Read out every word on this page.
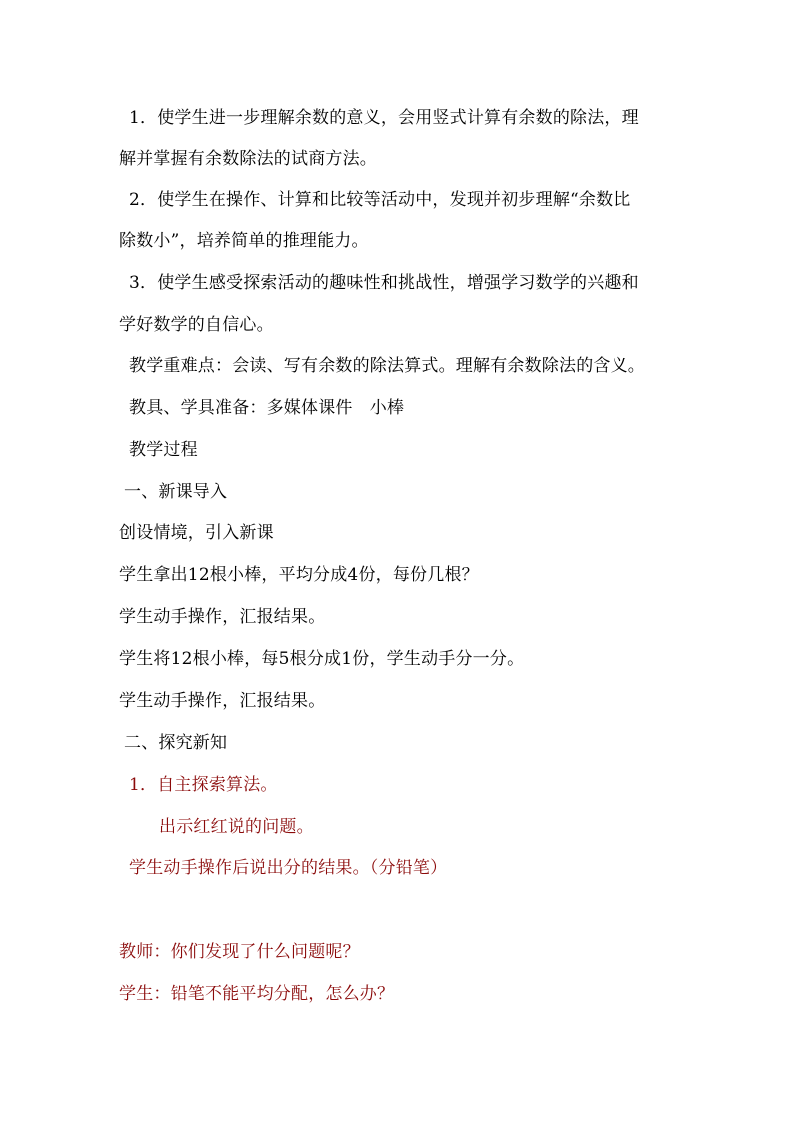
1．使学生进一步理解余数的意义，会用竖式计算有余数的除法，理
解并掌握有余数除法的试商方法。
2．使学生在操作、计算和比较等活动中，发现并初步理解“余数比
除数小”，培养简单的推理能力。
3．使学生感受探索活动的趣味性和挑战性，增强学习数学的兴趣和
学好数学的自信心。
教学重难点：会读、写有余数的除法算式。理解有余数除法的含义。
教具、学具准备：多媒体课件　小棒
教学过程
一、新课导入
创设情境，引入新课
学生拿出12根小棒，平均分成4份，每份几根？
学生动手操作，汇报结果。
学生将12根小棒，每5根分成1份，学生动手分一分。
学生动手操作，汇报结果。
二、探究新知
1．自主探索算法。
出示红红说的问题。
学生动手操作后说出分的结果。（分铅笔）
教师：你们发现了什么问题呢？
学生：铅笔不能平均分配，怎么办？
